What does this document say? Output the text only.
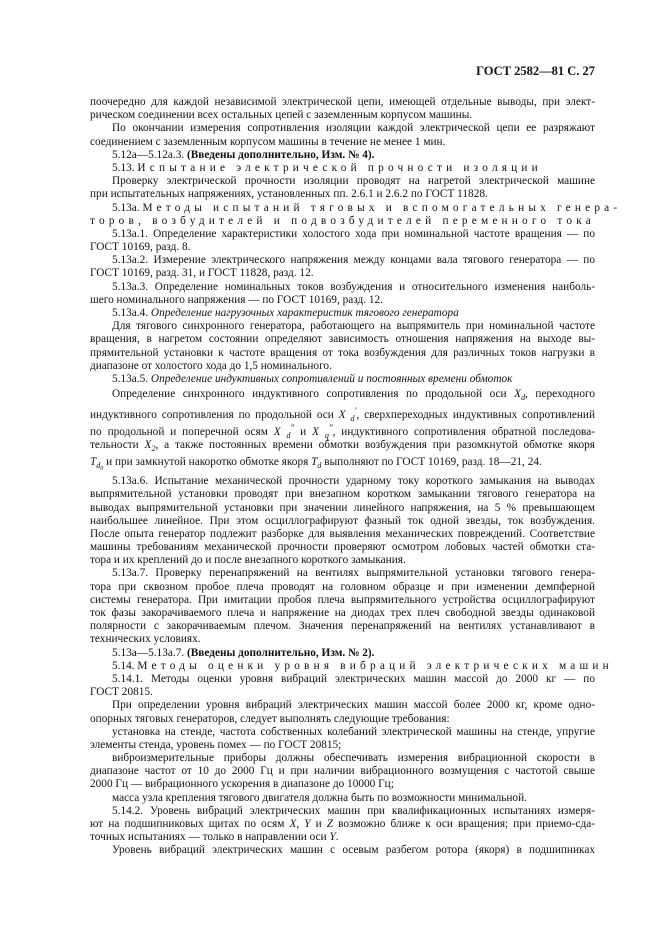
ГОСТ 2582—81 С. 27
поочередно для каждой независимой электрической цепи, имеющей отдельные выводы, при элект-
рическом соединении всех остальных цепей с заземленным корпусом машины.
По окончании измерения сопротивления изоляции каждой электрической цепи ее разряжают
соединением с заземленным корпусом машины в течение не менее 1 мин.
5.12а—5.12а.3. (Введены дополнительно, Изм. № 4).
5.13. Испытание электрической прочности изоляции
Проверку электрической прочности изоляции проводят на нагретой электрической машине
при испытательных напряжениях, установленных пп. 2.6.1 и 2.6.2 по ГОСТ 11828.
5.13а. Методы испытаний тяговых и вспомогательных генера-
торов, возбудителей и подвозбудителей переменного тока
5.13а.1. Определение характеристики холостого хода при номинальной частоте вращения — по
ГОСТ 10169, разд. 8.
5.13а.2. Измерение электрического напряжения между концами вала тягового генератора — по
ГОСТ 10169, разд. 31, и ГОСТ 11828, разд. 12.
5.13а.3. Определение номинальных токов возбуждения и относительного изменения наиболь-
шего номинального напряжения — по ГОСТ 10169, разд. 12.
5.13а.4. Определение нагрузочных характеристик тягового генератора
Для тягового синхронного генератора, работающего на выпрямитель при номинальной частоте
вращения, в нагретом состоянии определяют зависимость отношения напряжения на выходе вы-
прямительной установки к частоте вращения от тока возбуждения для различных токов нагрузки в
диапазоне от холостого хода до 1,5 номинального.
5.13а.5. Определение индуктивных сопротивлений и постоянных времени обмоток
Определение синхронного индуктивного сопротивления по продольной оси $X_d$, переходного
индуктивного сопротивления по продольной оси X $_d$′, сверхпереходных индуктивных сопротивлений
по продольной и поперечной осям X $_d$″ и X $_q$″, индуктивного сопротивления обратной последова-
тельности $X_2$, а также постоянных времени обмотки возбуждения при разомкнутой обмотке якоря
$T_{d0}$ и при замкнутой накоротко обмотке якоря $T_d$ выполняют по ГОСТ 10169, разд. 18—21, 24.
5.13а.6. Испытание механической прочности ударному току короткого замыкания на выводах
выпрямительной установки проводят при внезапном коротком замыкании тягового генератора на
выводах выпрямительной установки при значении линейного напряжения, на 5 % превышающем
наибольшее линейное. При этом осциллографируют фазный ток одной звезды, ток возбуждения.
После опыта генератор подлежит разборке для выявления механических повреждений. Соответствие
машины требованиям механической прочности проверяют осмотром лобовых частей обмотки ста-
тора и их креплений до и после внезапного короткого замыкания.
5.13а.7. Проверку перенапряжений на вентилях выпрямительной установки тягового генера-
тора при сквозном пробое плеча проводят на головном образце и при изменении демпферной
системы генератора. При имитации пробоя плеча выпрямительного устройства осциллографируют
ток фазы закорачиваемого плеча и напряжение на диодах трех плеч свободной звезды одинаковой
полярности с закорачиваемым плечом. Значения перенапряжений на вентилях устанавливают в
технических условиях.
5.13а—5.13а.7. (Введены дополнительно, Изм. № 2).
5.14. Методы оценки уровня вибраций электрических машин
5.14.1. Методы оценки уровня вибраций электрических машин массой до 2000 кг — по
ГОСТ 20815.
При определении уровня вибраций электрических машин массой более 2000 кг, кроме одно-
опорных тяговых генераторов, следует выполнять следующие требования:
установка на стенде, частота собственных колебаний электрической машины на стенде, упругие
элементы стенда, уровень помех — по ГОСТ 20815;
виброизмерительные приборы должны обеспечивать измерения вибрационной скорости в
диапазоне частот от 10 до 2000 Гц и при наличии вибрационного возмущения с частотой свыше
2000 Гц — вибрационного ускорения в диапазоне до 10000 Гц;
масса узла крепления тягового двигателя должна быть по возможности минимальной.
5.14.2. Уровень вибраций электрических машин при квалификационных испытаниях измеря-
ют на подшипниковых щитах по осям X, Y и Z возможно ближе к оси вращения; при приемо-сда-
точных испытаниях — только в направлении оси Y.
Уровень вибраций электрических машин с осевым разбегом ротора (якоря) в подшипниках
